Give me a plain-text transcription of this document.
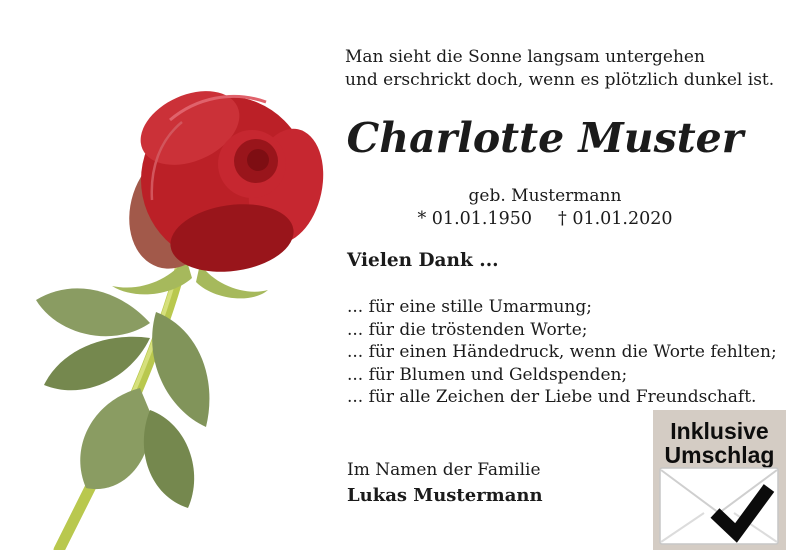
Man sieht die Sonne langsam untergehen
und erschrickt doch, wenn es plötzlich dunkel ist.
Charlotte Muster
geb. Mustermann
* 01.01.1950 † 01.01.2020
Vielen Dank ...
... für eine stille Umarmung;
... für die tröstenden Worte;
... für einen Händedruck, wenn die Worte fehlten;
... für Blumen und Geldspenden;
... für alle Zeichen der Liebe und Freundschaft.
Im Namen der Familie
Lukas Mustermann
Inklusive
Umschlag
